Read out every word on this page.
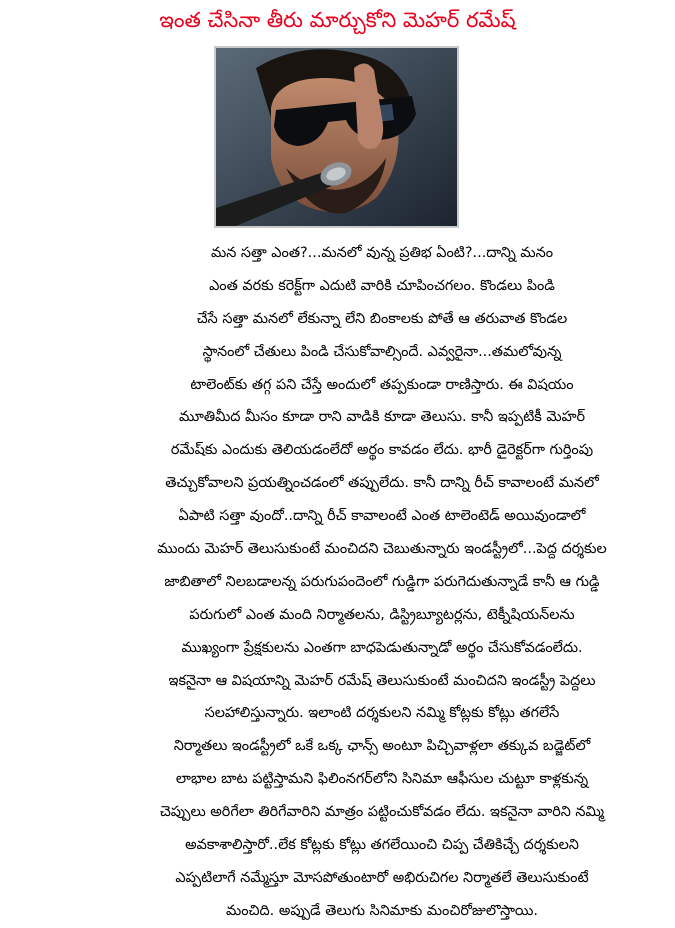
ఇంత చేసినా తీరు మార్చుకోని మెహర్ రమేష్
మన సత్తా ఎంత?...మనలో వున్న ప్రతిభ ఏంటి?...దాన్ని మనం
ఎంత వరకు కరెక్ట్‌గా ఎదుటి వారికి చూపించగలం. కొండలు పిండి
చేసే సత్తా మనలో లేకున్నా లేని బింకాలకు పోతే ఆ తరువాత కొండల
స్థానంలో చేతులు పిండి చేసుకోవాల్సిందే. ఎవ్వరైనా...తమలోవున్న
టాలెంట్‌కు తగ్గ పని చేస్తే అందులో తప్పకుండా రాణిస్తారు. ఈ విషయం
మూతిమీద మీసం కూడా రాని వాడికి కూడా తెలుసు. కానీ ఇప్పటికీ మెహర్
రమేష్‌కు ఎందుకు తెలియడంలేదో అర్థం కావడం లేదు. భారీ డైరెక్టర్‌గా గుర్తింపు
తెచ్చుకోవాలని ప్రయత్నించడంలో తప్పులేదు. కానీ దాన్ని రీచ్ కావాలంటే మనలో
ఏపాటి సత్తా వుందో..దాన్ని రీచ్ కావాలంటే ఎంత టాలెంటెడ్ అయివుండాలో
ముందు మెహర్ తెలుసుకుంటే మంచిదని చెబుతున్నారు ఇండస్ట్రీలో...పెద్ద దర్శకుల
జాబితాలో నిలబడాలన్న పరుగుపందెంలో గుడ్డిగా పరుగెదుతున్నాడే కానీ ఆ గుడ్డి
పరుగులో ఎంత మంది నిర్మాతలను, డిస్ట్రిబ్యూటర్లను, టెక్నీషియన్‌లను
ముఖ్యంగా ప్రేక్షకులను ఎంతగా బాధపెడుతున్నాడో అర్థం చేసుకోవడంలేదు.
ఇకనైనా ఆ విషయాన్ని మెహర్ రమేష్ తెలుసుకుంటే మంచిదని ఇండస్ట్రీ పెద్దలు
సలహాలిస్తున్నారు. ఇలాంటి దర్శకులని నమ్మి కోట్లకు కోట్లు తగలేసే
నిర్మాతలు ఇండస్ట్రీలో ఒకే ఒక్క ఛాన్స్ అంటూ పిచ్చివాళ్లలా తక్కువ బడ్జెట్‌లో
లాభాల బాట పట్టిస్తామని ఫిలింనగర్‌లోని సినిమా ఆఫీసుల చుట్టూ కాళ్లకున్న
చెప్పులు అరిగేలా తిరిగేవారిని మాత్రం పట్టించుకోవడం లేదు. ఇకనైనా వారిని నమ్మి
అవకాశాలిస్తారో..లేక కోట్లకు కోట్లు తగలేయించి చిప్ప చేతికిచ్చే దర్శకులని
ఎప్పటిలాగే నమ్మేస్తూ మోసపోతుంటారో అభిరుచిగల నిర్మాతలే తెలుసుకుంటే
మంచిది. అప్పుడే తెలుగు సినిమాకు మంచిరోజులొస్తాయి.
